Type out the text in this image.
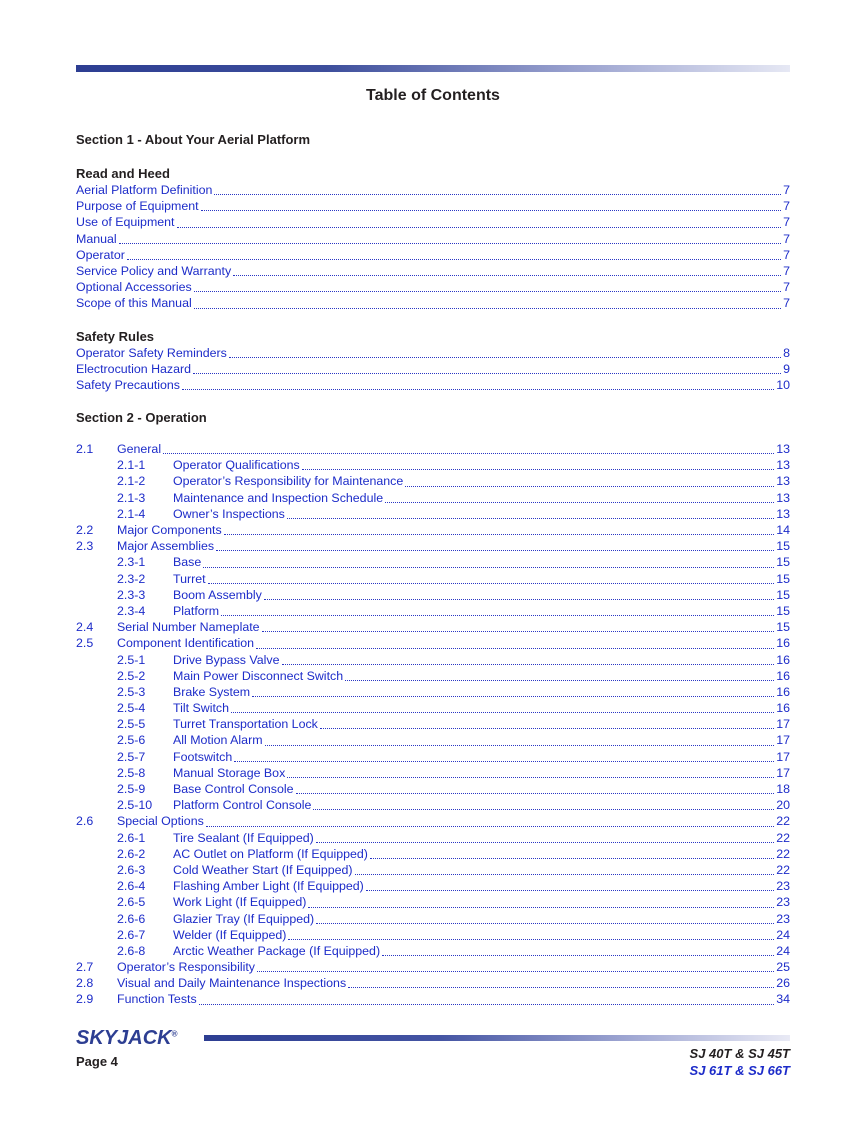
Table of Contents
Section 1 - About Your Aerial Platform
Read and Heed
Aerial Platform Definition	7
Purpose of Equipment	7
Use of Equipment	7
Manual	7
Operator	7
Service Policy and Warranty	7
Optional Accessories	7
Scope of this Manual	7
Safety Rules
Operator Safety Reminders	8
Electrocution Hazard	9
Safety Precautions	10
Section 2 - Operation
2.1	General	13
2.1-1	Operator Qualifications	13
2.1-2	Operator’s Responsibility for Maintenance	13
2.1-3	Maintenance and Inspection Schedule	13
2.1-4	Owner’s Inspections	13
2.2	Major Components	14
2.3	Major Assemblies	15
2.3-1	Base	15
2.3-2	Turret	15
2.3-3	Boom Assembly	15
2.3-4	Platform	15
2.4	Serial Number Nameplate	15
2.5	Component Identification	16
2.5-1	Drive Bypass Valve	16
2.5-2	Main Power Disconnect Switch	16
2.5-3	Brake System	16
2.5-4	Tilt Switch	16
2.5-5	Turret Transportation Lock	17
2.5-6	All Motion Alarm	17
2.5-7	Footswitch	17
2.5-8	Manual Storage Box	17
2.5-9	Base Control Console	18
2.5-10	Platform Control Console	20
2.6	Special Options	22
2.6-1	Tire Sealant (If Equipped)	22
2.6-2	AC Outlet on Platform (If Equipped)	22
2.6-3	Cold Weather Start (If Equipped)	22
2.6-4	Flashing Amber Light (If Equipped)	23
2.6-5	Work Light (If Equipped)	23
2.6-6	Glazier Tray (If Equipped)	23
2.6-7	Welder (If Equipped)	24
2.6-8	Arctic Weather Package (If Equipped)	24
2.7	Operator’s Responsibility	25
2.8	Visual and Daily Maintenance Inspections	26
2.9	Function Tests	34
SKYJACK®
Page 4
SJ 40T & SJ 45T
SJ 61T & SJ 66T
